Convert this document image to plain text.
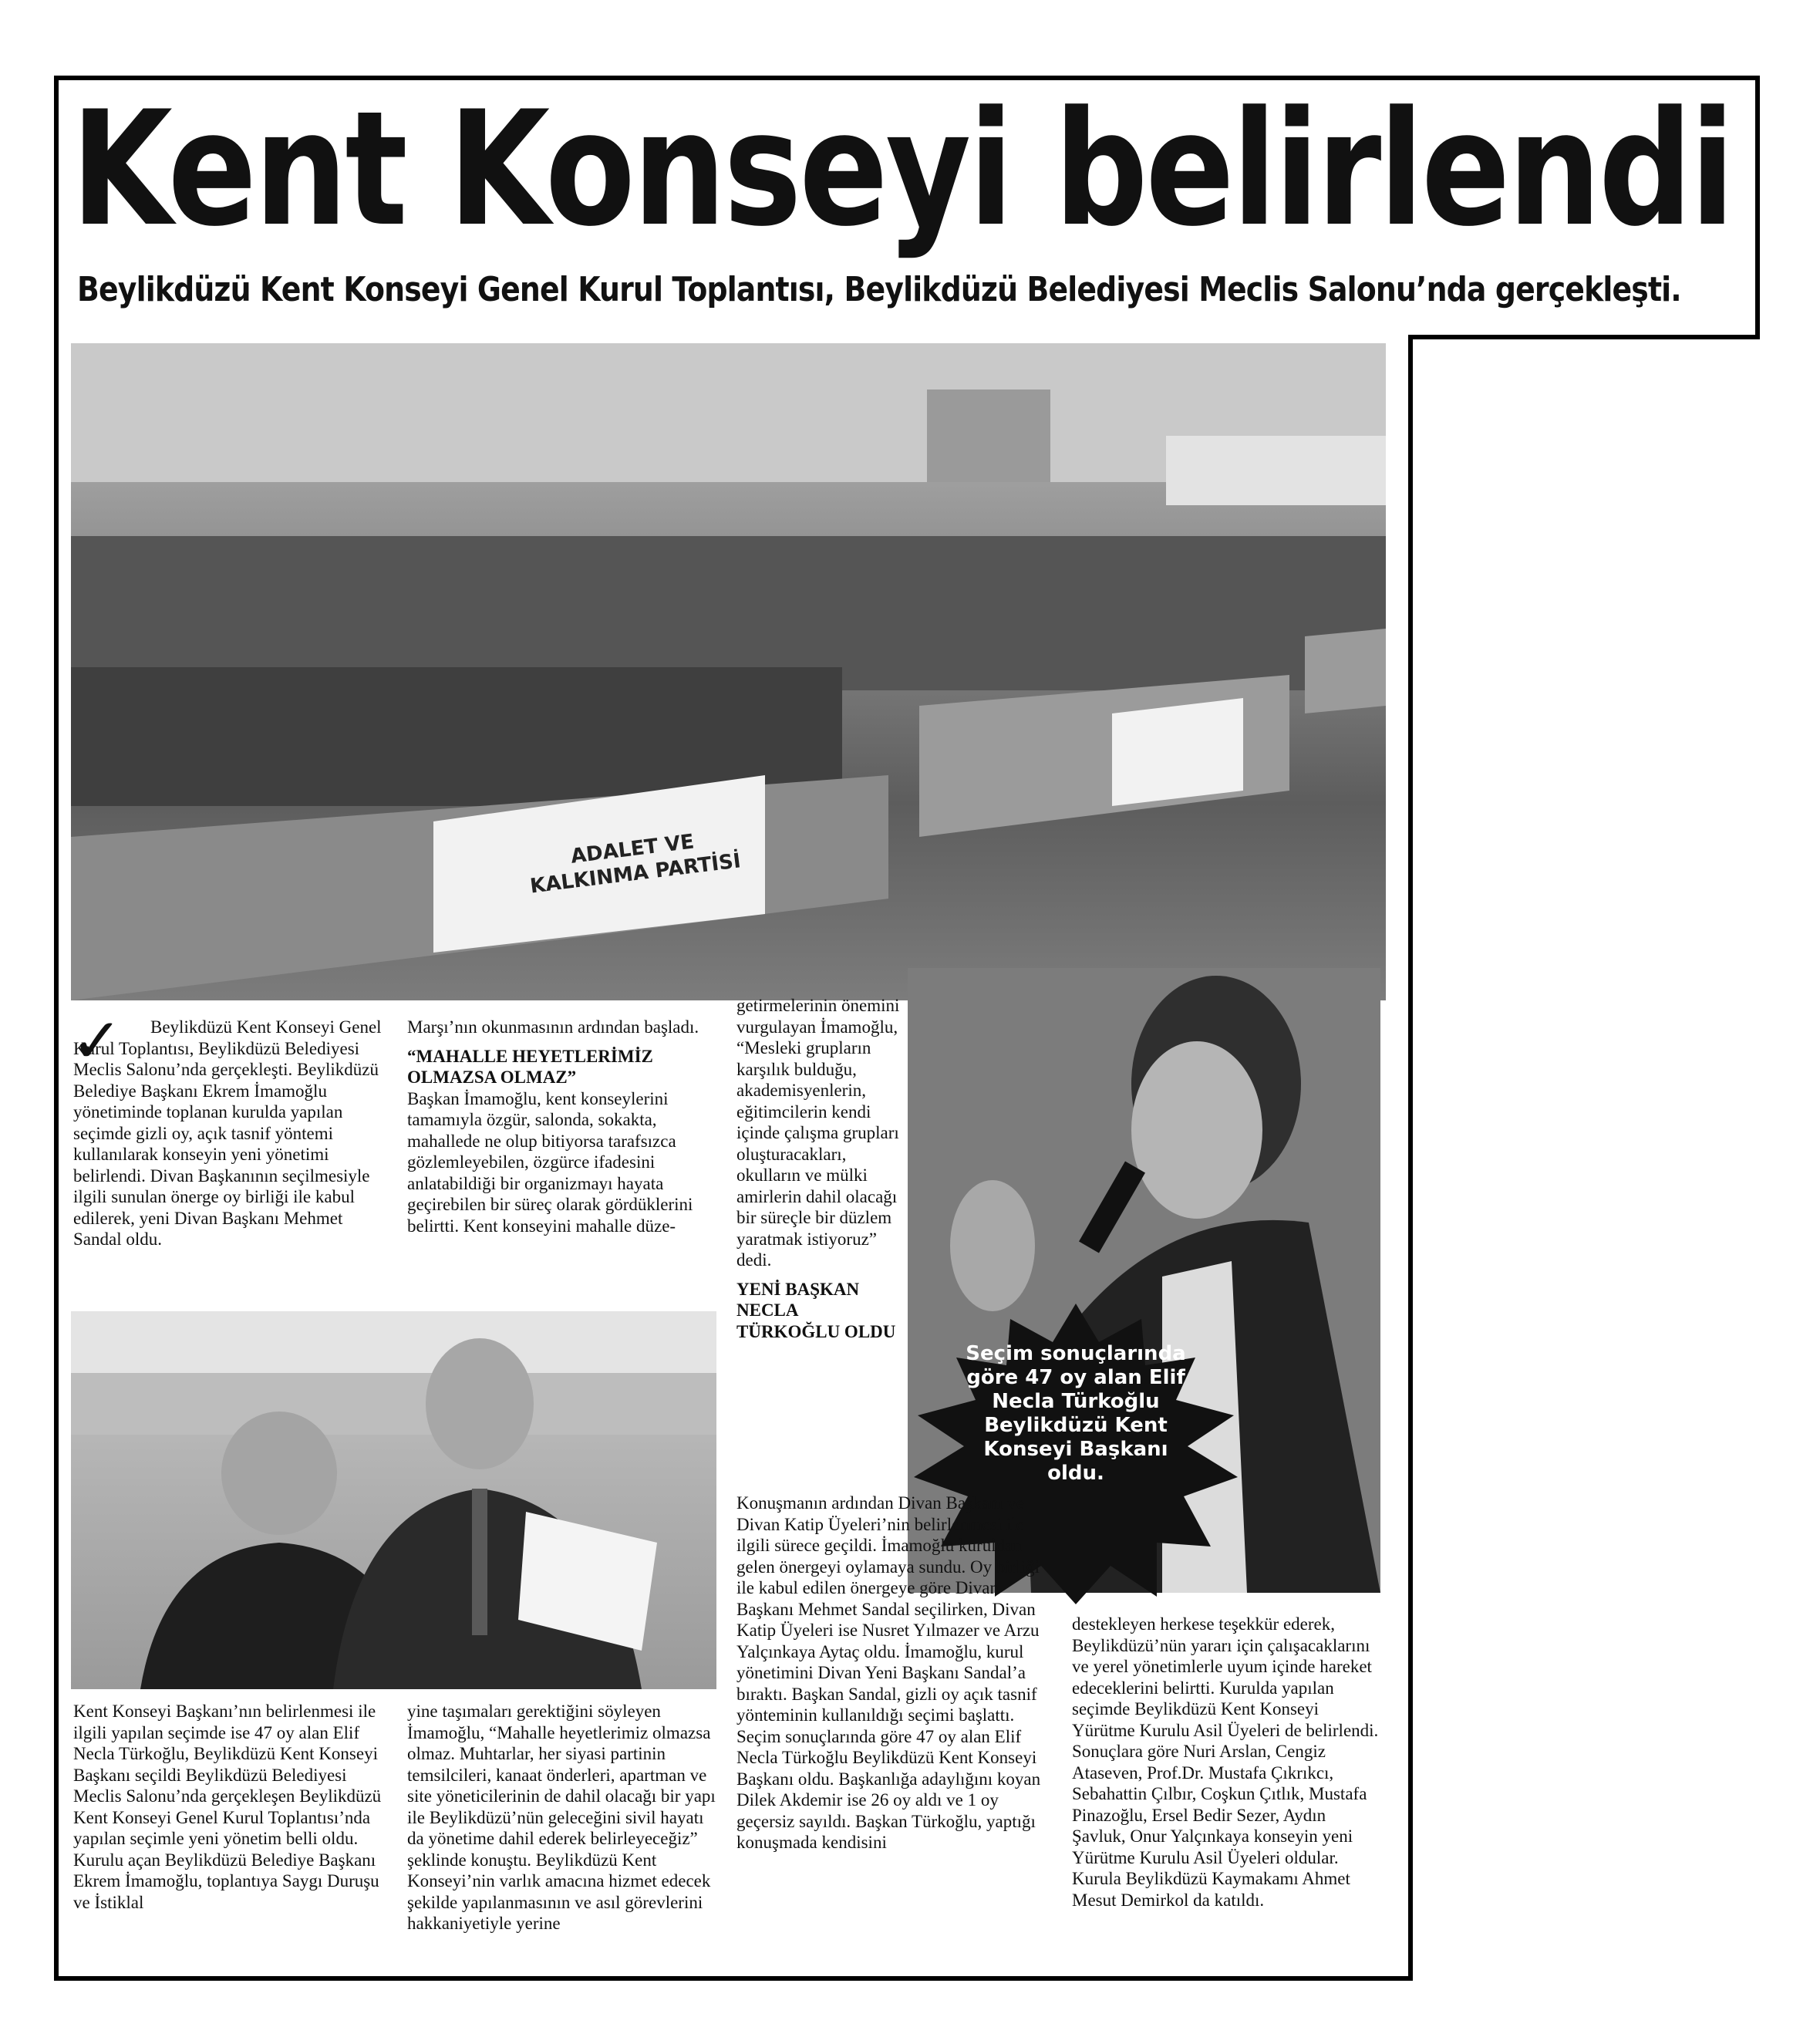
Kent Konseyi belirlendi
Beylikdüzü Kent Konseyi Genel Kurul Toplantısı, Beylikdüzü Belediyesi Meclis Salonu’nda gerçekleşti.
ADALET VE KALKINMA PARTİSİ
Seçim sonuçlarında göre 47 oy alan Elif Necla Türkoğlu Beylikdüzü Kent Konseyi Başkanı oldu.
✓	Beylikdüzü Kent Konseyi Genel Kurul Toplantısı, Beylikdüzü Belediyesi Meclis Salonu’nda gerçekleşti. Beylikdüzü Belediye Başkanı Ekrem İmamoğlu yönetiminde toplanan kurulda yapılan seçimde gizli oy, açık tasnif yöntemi kullanılarak konseyin yeni yönetimi belirlendi. Divan Başkanının seçilmesiyle ilgili sunulan önerge oy birliği ile kabul edilerek, yeni Divan Başkanı Mehmet Sandal oldu.

Marşı’nın okunmasının ardından başladı.

“MAHALLE HEYETLERİMİZ OLMAZSA OLMAZ”

Başkan İmamoğlu, kent konseylerini tamamıyla özgür, salonda, sokakta, mahallede ne olup bitiyorsa tarafsızca gözlemleyebilen, özgürce ifadesini anlatabildiği bir organizmayı hayata geçirebilen bir süreç olarak gördüklerini belirtti. Kent konseyini mahalle düze-

getirmelerinin önemini vurgulayan İmamoğlu, “Mesleki grupların karşılık bulduğu, akademisyenlerin, eğitimcilerin kendi içinde çalışma grupları oluşturacakları, okulların ve mülki amirlerin dahil olacağı bir süreçle bir düzlem yaratmak istiyoruz” dedi.

YENİ BAŞKAN NECLA TÜRKOĞLU OLDU

Konuşmanın ardından Divan Başkanı ve Divan Katip Üyeleri’nin belirlenmesi ile ilgili sürece geçildi. İmamoğlu kuruldan gelen önergeyi oylamaya sundu. Oy birliği ile kabul edilen önergeye göre Divan Başkanı Mehmet Sandal seçilirken, Divan Katip Üyeleri ise Nusret Yılmazer ve Arzu Yalçınkaya Aytaç oldu. İmamoğlu, kurul yönetimini Divan Yeni Başkanı Sandal’a bıraktı. Başkan Sandal, gizli oy açık tasnif yönteminin kullanıldığı seçimi başlattı. Seçim sonuçlarında göre 47 oy alan Elif Necla Türkoğlu Beylikdüzü Kent Konseyi Başkanı oldu. Başkanlığa adaylığını koyan Dilek Akdemir ise 26 oy aldı ve 1 oy geçersiz sayıldı. Başkan Türkoğlu, yaptığı konuşmada kendisini

Kent Konseyi Başkanı’nın belirlenmesi ile ilgili yapılan seçimde ise 47 oy alan Elif Necla Türkoğlu, Beylikdüzü Kent Konseyi Başkanı seçildi Beylikdüzü Belediyesi Meclis Salonu’nda gerçekleşen Beylikdüzü Kent Konseyi Genel Kurul Toplantısı’nda yapılan seçimle yeni yönetim belli oldu. Kurulu açan Beylikdüzü Belediye Başkanı Ekrem İmamoğlu, toplantıya Saygı Duruşu ve İstiklal

yine taşımaları gerektiğini söyleyen İmamoğlu, “Mahalle heyetlerimiz olmazsa olmaz. Muhtarlar, her siyasi partinin temsilcileri, kanaat önderleri, apartman ve site yöneticilerinin de dahil olacağı bir yapı ile Beylikdüzü’nün geleceğini sivil hayatı da yönetime dahil ederek belirleyeceğiz” şeklinde konuştu. Beylikdüzü Kent Konseyi’nin varlık amacına hizmet edecek şekilde yapılanmasının ve asıl görevlerini hakkaniyetiyle yerine

destekleyen herkese teşekkür ederek, Beylikdüzü’nün yararı için çalışacaklarını ve yerel yönetimlerle uyum içinde hareket edeceklerini belirtti. Kurulda yapılan seçimde Beylikdüzü Kent Konseyi Yürütme Kurulu Asil Üyeleri de belirlendi. Sonuçlara göre Nuri Arslan, Cengiz Ataseven, Prof.Dr. Mustafa Çıkrıkcı, Sebahattin Çılbır, Coşkun Çıtlık, Mustafa Pinazoğlu, Ersel Bedir Sezer, Aydın Şavluk, Onur Yalçınkaya konseyin yeni Yürütme Kurulu Asil Üyeleri oldular. Kurula Beylikdüzü Kaymakamı Ahmet Mesut Demirkol da katıldı.
